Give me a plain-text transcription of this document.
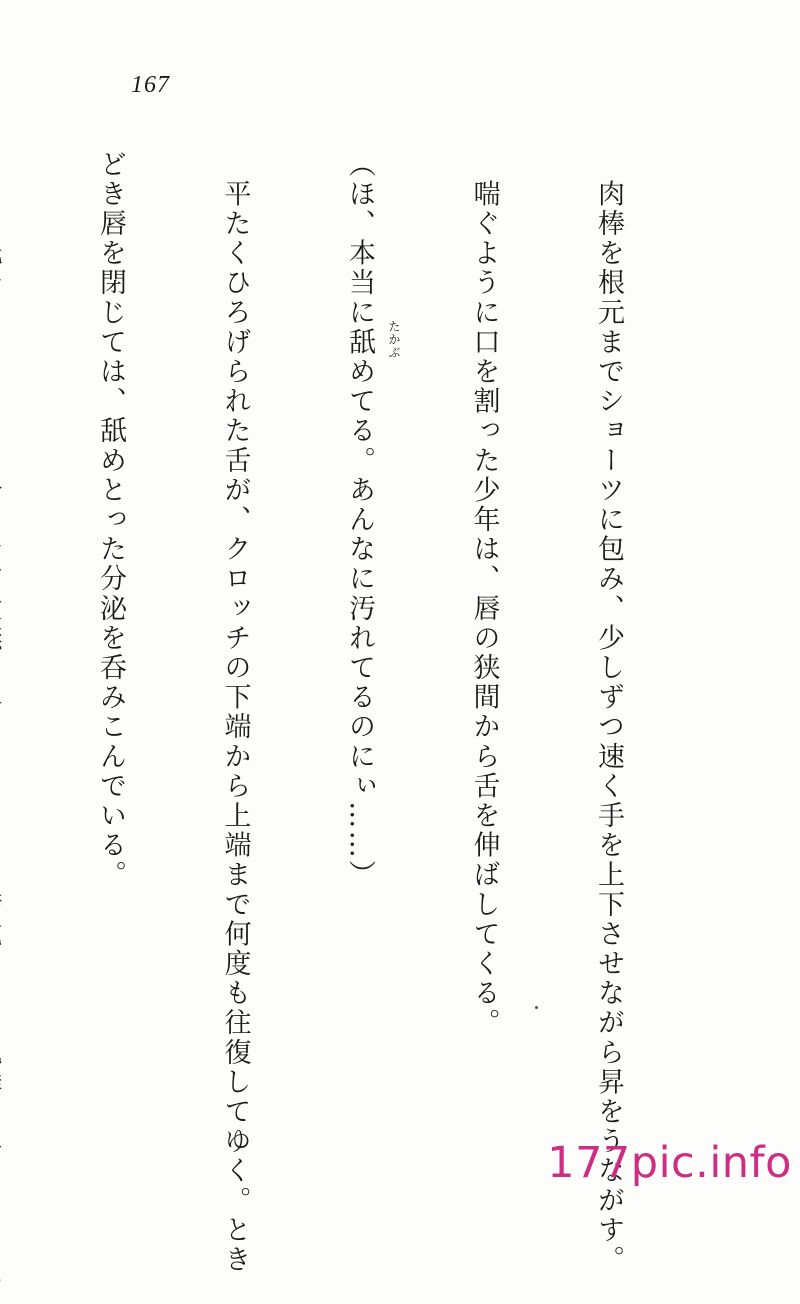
167

　肉棒を根元までショーツに包み、少しずつ速く手を上下させながら昇をうながす。

　喘ぐように口を割った少年は、唇の狭間から舌を伸ばしてくる。

（ほ、本当に舐めてる。あんなに汚れてるのにぃ……）

　平たくひろげられた舌が、クロッチの下端から上端まで何度も往復してゆく。とき

どき唇を閉じては、舐めとった分泌を呑みこんでいる。

　	たかぶ
177pic.info
